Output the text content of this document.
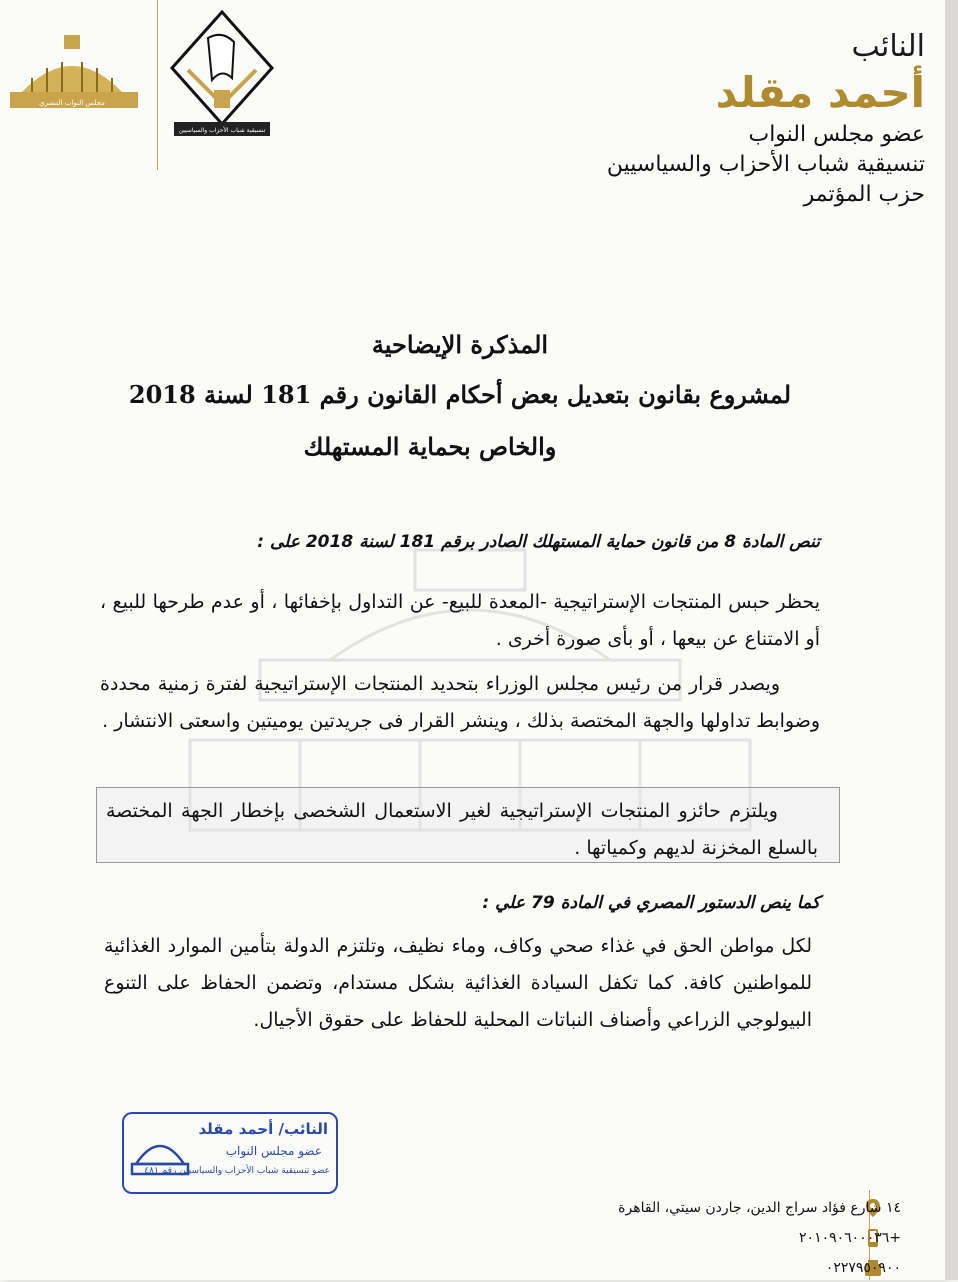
مجلس النواب المصري
تنسيقية شباب الأحزاب والسياسيين
النائب
أحمد مقلد
عضو مجلس النواب
تنسيقية شباب الأحزاب والسياسيين
حزب المؤتمر
المذكرة الإيضاحية
لمشروع بقانون بتعديل بعض أحكام القانون رقم 181 لسنة 2018
والخاص بحماية المستهلك
تنص المادة 8 من قانون حماية المستهلك الصادر برقم 181 لسنة 2018 على :
يحظر حبس المنتجات الإستراتيجية -المعدة للبيع- عن التداول بإخفائها ، أو عدم طرحها للبيع ، أو الامتناع عن بيعها ، أو بأى صورة أخرى .
ويصدر قرار من رئيس مجلس الوزراء بتحديد المنتجات الإستراتيجية لفترة زمنية محددة وضوابط تداولها والجهة المختصة بذلك ، وينشر القرار فى جريدتين يوميتين واسعتى الانتشار .
ويلتزم حائزو المنتجات الإستراتيجية لغير الاستعمال الشخصى بإخطار الجهة المختصة بالسلع المخزنة لديهم وكمياتها .
كما ينص الدستور المصري في المادة 79 علي :
لكل مواطن الحق في غذاء صحي وكاف، وماء نظيف، وتلتزم الدولة بتأمين الموارد الغذائية للمواطنين كافة. كما تكفل السيادة الغذائية بشكل مستدام، وتضمن الحفاظ على التنوع البيولوجي الزراعي وأصناف النباتات المحلية للحفاظ على حقوق الأجيال.
النائب/ أحمد مقلد
عضو مجلس النواب
عضو تنسيقية شباب الأحزاب والسياسيين رقم ٤٨١
١٤ شارع فؤاد سراج الدين، جاردن سيتي، القاهرة
+٢٠١٠٩٠٦٠٠٠٣٦
٠٢٢٧٩٥٠٩٠٠
